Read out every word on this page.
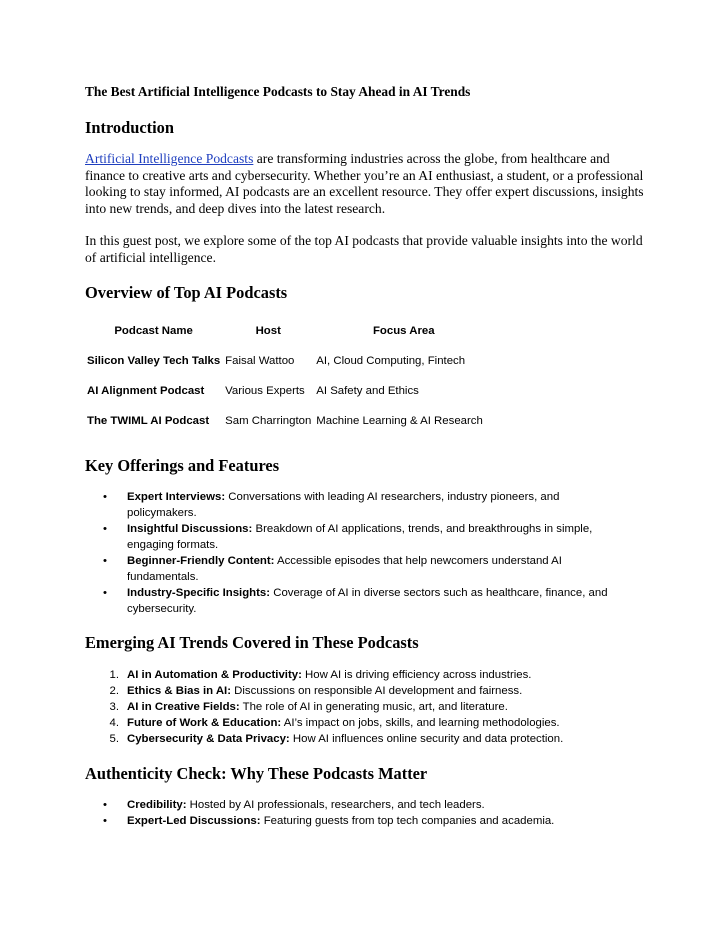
The Best Artificial Intelligence Podcasts to Stay Ahead in AI Trends
Introduction

Artificial Intelligence Podcasts are transforming industries across the globe, from healthcare and finance to creative arts and cybersecurity. Whether you’re an AI enthusiast, a student, or a professional looking to stay informed, AI podcasts are an excellent resource. They offer expert discussions, insights into new trends, and deep dives into the latest research.

In this guest post, we explore some of the top AI podcasts that provide valuable insights into the world of artificial intelligence.

Overview of Top AI Podcasts
Podcast Name	Host	Focus Area
Silicon Valley Tech Talks	Faisal Wattoo	AI, Cloud Computing, Fintech
AI Alignment Podcast	Various Experts	AI Safety and Ethics
The TWIML AI Podcast	Sam Charrington	Machine Learning & AI Research
Key Offerings and Features
• Expert Interviews: Conversations with leading AI researchers, industry pioneers, and policymakers.
• Insightful Discussions: Breakdown of AI applications, trends, and breakthroughs in simple, engaging formats.
• Beginner-Friendly Content: Accessible episodes that help newcomers understand AI fundamentals.
• Industry-Specific Insights: Coverage of AI in diverse sectors such as healthcare, finance, and cybersecurity.
Emerging AI Trends Covered in These Podcasts
1. AI in Automation & Productivity: How AI is driving efficiency across industries.
2. Ethics & Bias in AI: Discussions on responsible AI development and fairness.
3. AI in Creative Fields: The role of AI in generating music, art, and literature.
4. Future of Work & Education: AI’s impact on jobs, skills, and learning methodologies.
5. Cybersecurity & Data Privacy: How AI influences online security and data protection.
Authenticity Check: Why These Podcasts Matter
• Credibility: Hosted by AI professionals, researchers, and tech leaders.
• Expert-Led Discussions: Featuring guests from top tech companies and academia.
